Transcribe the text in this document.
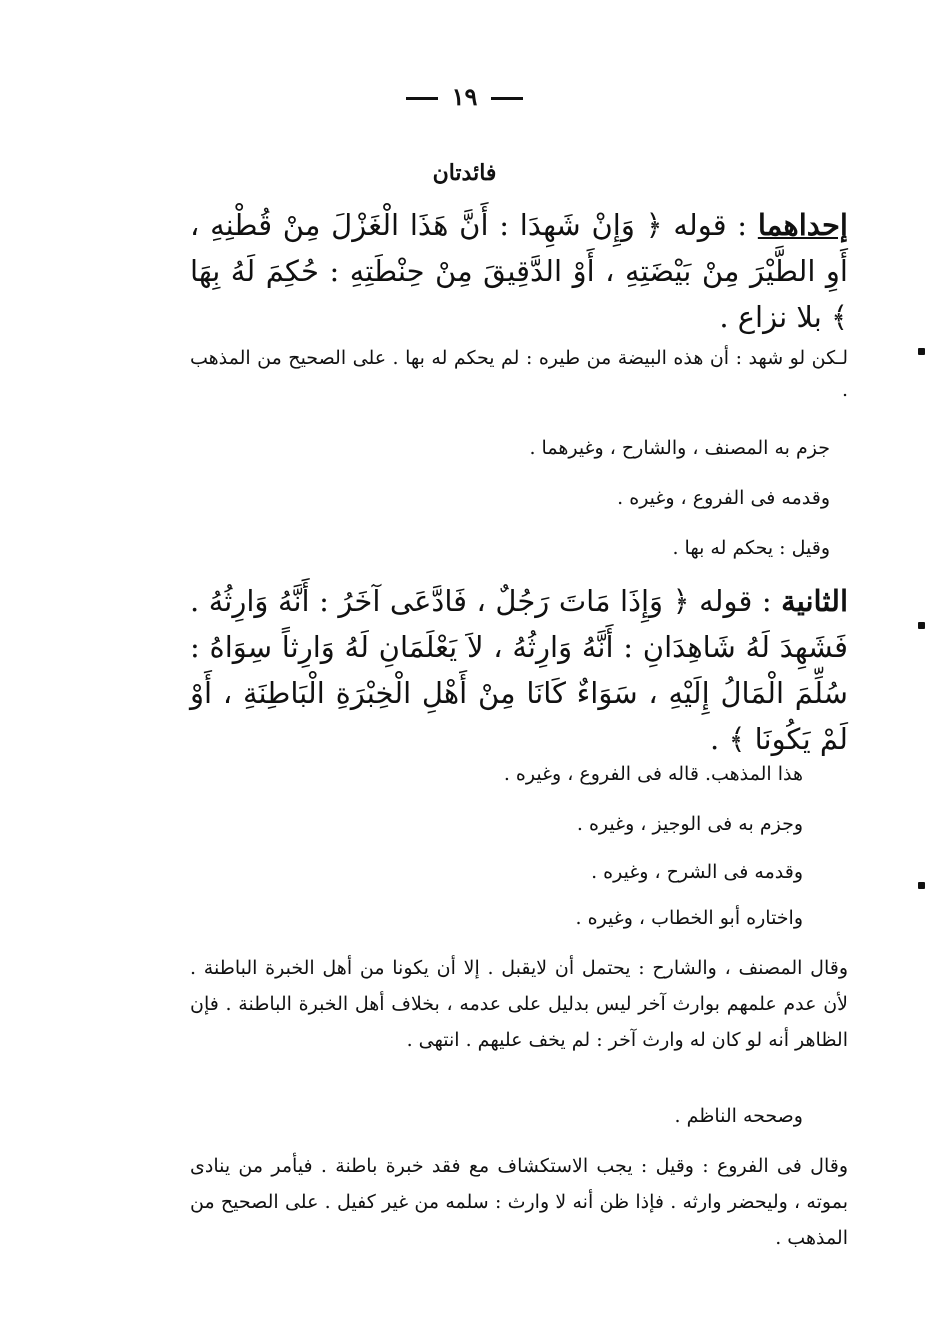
١٩
فائدتان
إحداهما : قوله ﴿ وَإِنْ شَهِدَا : أَنَّ هَذَا الْغَزْلَ مِنْ قُطْنِهِ ، أَوِ الطَّيْرَ مِنْ بَيْضَتِهِ ، أَوْ الدَّقِيقَ مِنْ حِنْطَتِهِ : حُكِمَ لَهُ بِهَا ﴾ بلا نزاع .
لـكن لو شهد : أن هذه البيضة من طيره : لم يحكم له بها . على الصحيح من المذهب .
جزم به المصنف ، والشارح ، وغيرهما .
وقدمه فى الفروع ، وغيره .
وقيل : يحكم له بها .
الثانية : قوله ﴿ وَإِذَا مَاتَ رَجُلٌ ، فَادَّعَى آخَرُ : أَنَّهُ وَارِثُهُ . فَشَهِدَ لَهُ شَاهِدَانِ : أَنَّهُ وَارِثُهُ ، لاَ يَعْلَمَانِ لَهُ وَارِثاً سِوَاهُ : سُلِّمَ الْمَالُ إِلَيْهِ ، سَوَاءٌ كَانَا مِنْ أَهْلِ الْخِبْرَةِ الْبَاطِنَةِ ، أَوْ لَمْ يَكُونَا ﴾ .
هذا المذهب. قاله فى الفروع ، وغيره .
وجزم به فى الوجيز ، وغيره .
وقدمه فى الشرح ، وغيره .
واختاره أبو الخطاب ، وغيره .
وقال المصنف ، والشارح : يحتمل أن لايقبل . إلا أن يكونا من أهل الخبرة الباطنة . لأن عدم علمهم بوارث آخر ليس بدليل على عدمه ، بخلاف أهل الخبرة الباطنة . فإن الظاهر أنه لو كان له وارث آخر : لم يخف عليهم . انتهى .
وصححه الناظم .
وقال فى الفروع : وقيل : يجب الاستكشاف مع فقد خبرة باطنة . فيأمر من ينادى بموته ، وليحضر وارثه . فإذا ظن أنه لا وارث : سلمه من غير كفيل . على الصحيح من المذهب .
